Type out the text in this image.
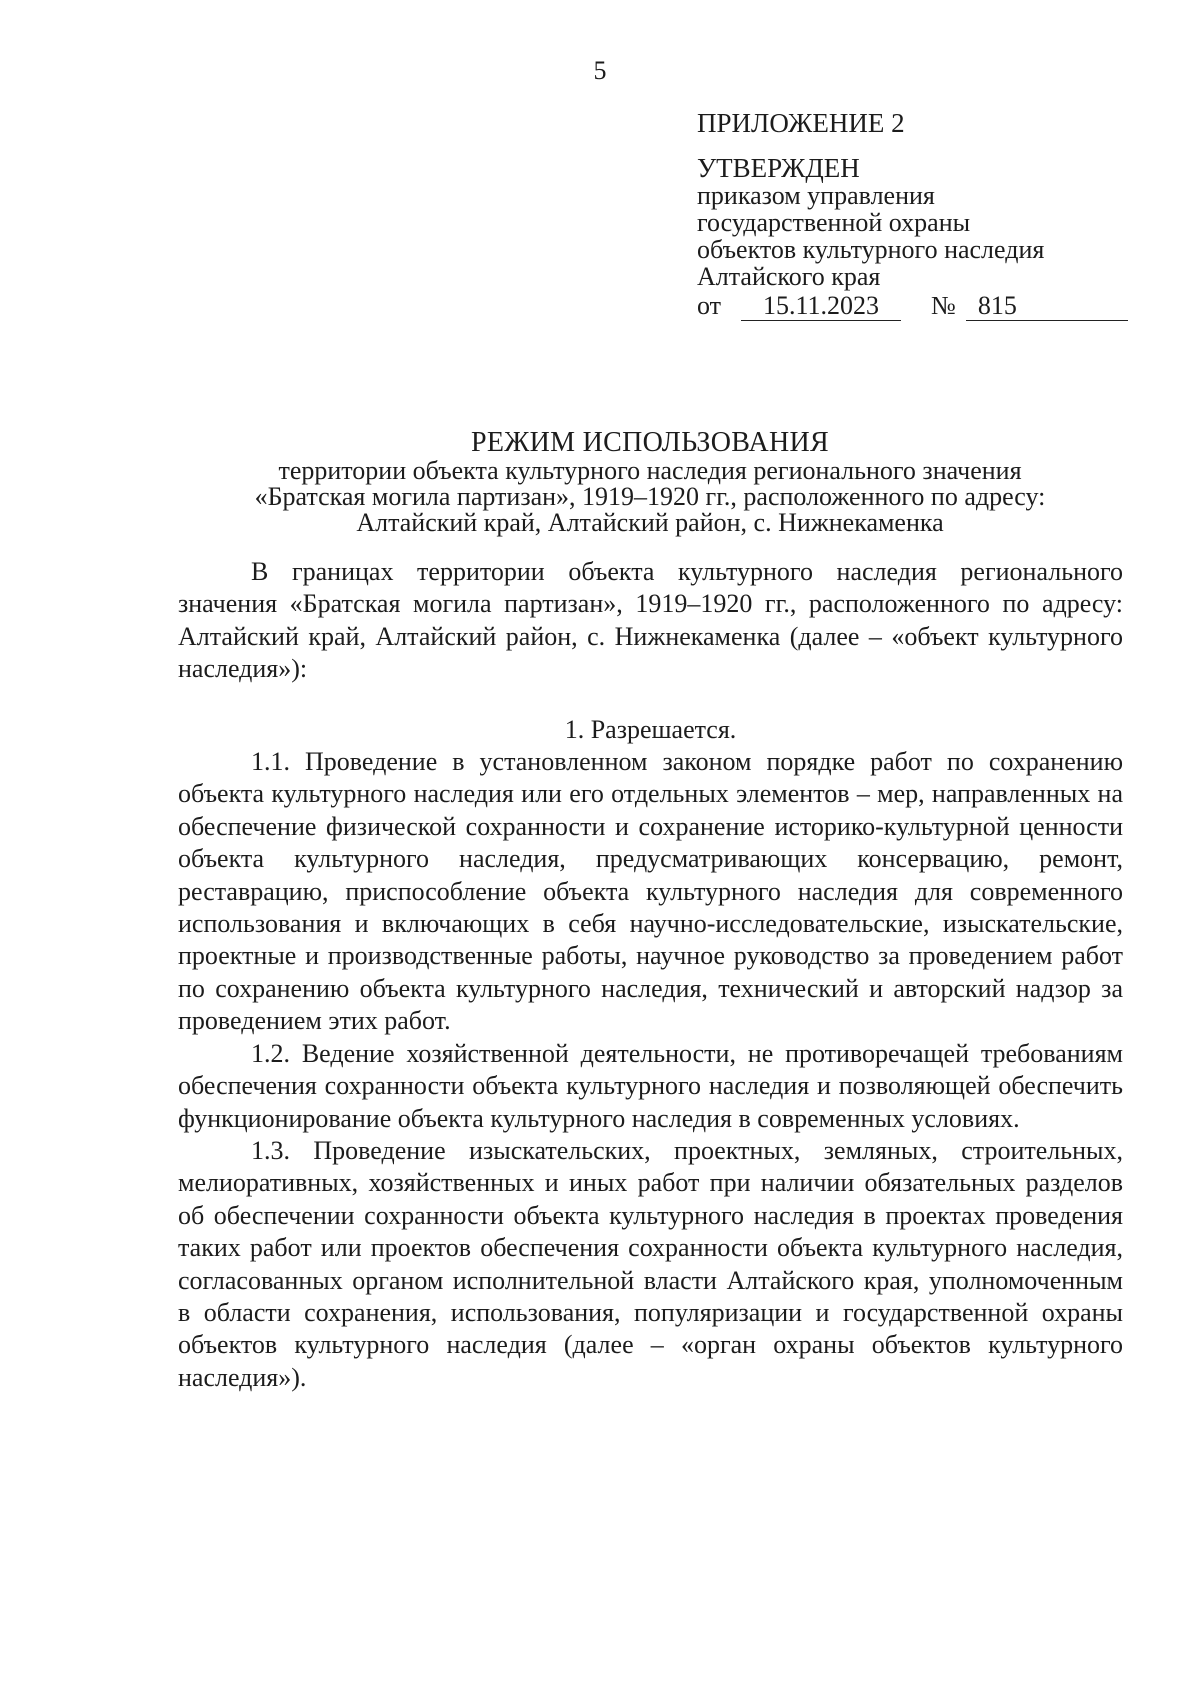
5
ПРИЛОЖЕНИЕ 2
УТВЕРЖДЕН
приказом управления
государственной охраны
объектов культурного наследия
Алтайского края
от	15.11.2023	№ 815
РЕЖИМ ИСПОЛЬЗОВАНИЯ
территории объекта культурного наследия регионального значения
«Братская могила партизан», 1919–1920 гг., расположенного по адресу:
Алтайский край, Алтайский район, с. Нижнекаменка

В границах территории объекта культурного наследия регионального значения «Братская могила партизан», 1919–1920 гг., расположенного по адресу: Алтайский край, Алтайский район, с. Нижнекаменка (далее – «объект культурного наследия»):

1. Разрешается.

1.1. Проведение в установленном законом порядке работ по сохранению объекта культурного наследия или его отдельных элементов – мер, направленных на обеспечение физической сохранности и сохранение историко-культурной ценности объекта культурного наследия, предусматривающих консервацию, ремонт, реставрацию, приспособление объекта культурного наследия для современного использования и включающих в себя научно-исследовательские, изыскательские, проектные и производственные работы, научное руководство за проведением работ по сохранению объекта культурного наследия, технический и авторский надзор за проведением этих работ.

1.2. Ведение хозяйственной деятельности, не противоречащей требованиям обеспечения сохранности объекта культурного наследия и позволяющей обеспечить функционирование объекта культурного наследия в современных условиях.

1.3. Проведение изыскательских, проектных, земляных, строительных, мелиоративных, хозяйственных и иных работ при наличии обязательных разделов об обеспечении сохранности объекта культурного наследия в проектах проведения таких работ или проектов обеспечения сохранности объекта культурного наследия, согласованных органом исполнительной власти Алтайского края, уполномоченным в области сохранения, использования, популяризации и государственной охраны объектов культурного наследия (далее – «орган охраны объектов культурного наследия»).
